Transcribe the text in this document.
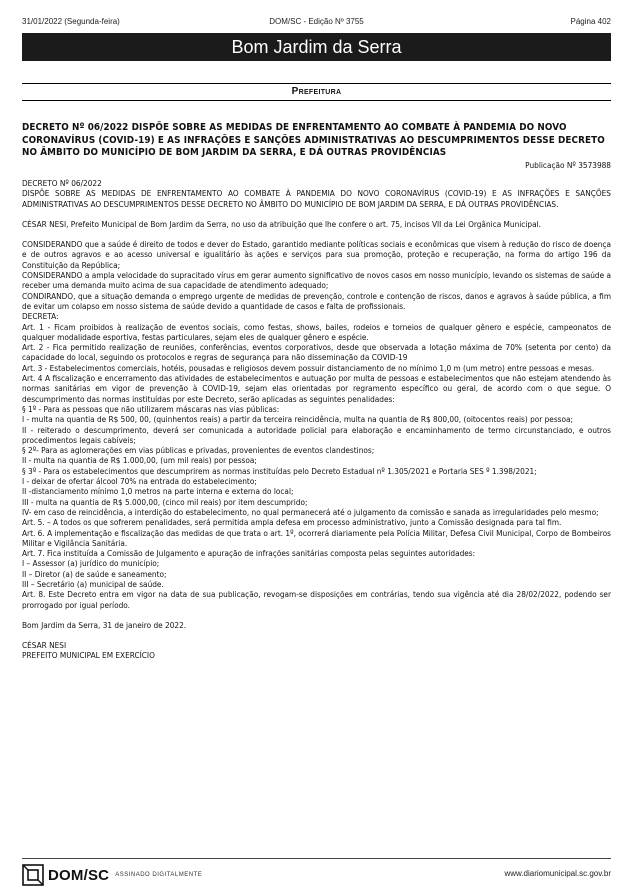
31/01/2022 (Segunda-feira)	DOM/SC - Edição Nº 3755	Página 402
Bom Jardim da Serra
Prefeitura
DECRETO Nº 06/2022 DISPÕE SOBRE AS MEDIDAS DE ENFRENTAMENTO AO COMBATE À PANDEMIA DO NOVO CORONAVÍRUS (COVID-19) E AS INFRAÇÕES E SANÇÕES ADMINISTRATIVAS AO DESCUMPRIMENTOS DESSE DECRETO NO ÂMBITO DO MUNICÍPIO DE BOM JARDIM DA SERRA, E DÁ OUTRAS PROVIDÊNCIAS
Publicação Nº 3573988

DECRETO Nº 06/2022

DISPÕE SOBRE AS MEDIDAS DE ENFRENTAMENTO AO COMBATE À PANDEMIA DO NOVO CORONAVÍRUS (COVID-19) E AS INFRAÇÕES E SANÇÕES ADMINISTRATIVAS AO DESCUMPRIMENTOS DESSE DECRETO NO ÂMBITO DO MUNICÍPIO DE BOM JARDIM DA SERRA, E DÁ OUTRAS PROVIDÊNCIAS.

CÉSAR NESI, Prefeito Municipal de Bom Jardim da Serra, no uso da atribuição que lhe confere o art. 75, incisos VII da Lei Orgânica Municipal.

CONSIDERANDO que a saúde é direito de todos e dever do Estado, garantido mediante políticas sociais e econômicas que visem à redução do risco de doença e de outros agravos e ao acesso universal e igualitário às ações e serviços para sua promoção, proteção e recuperação, na forma do artigo 196 da Constituição da República;

CONSIDERANDO a ampla velocidade do supracitado vírus em gerar aumento significativo de novos casos em nosso município, levando os sistemas de saúde a receber uma demanda muito acima de sua capacidade de atendimento adequado;

CONDIRANDO, que a situação demanda o emprego urgente de medidas de prevenção, controle e contenção de riscos, danos e agravos à saúde pública, a fim de evitar um colapso em nosso sistema de saúde devido a quantidade de casos e falta de profissionais.

DECRETA:

Art. 1 - Ficam proibidos à realização de eventos sociais, como festas, shows, bailes, rodeios e torneios de qualquer gênero e espécie, campeonatos de qualquer modalidade esportiva, festas particulares, sejam eles de qualquer gênero e espécie.

Art. 2 - Fica permitido realização de reuniões, conferências, eventos corporativos, desde que observada a lotação máxima de 70% (setenta por cento) da capacidade do local, seguindo os protocolos e regras de segurança para não disseminação da COVID-19

Art. 3 - Estabelecimentos comerciais, hotéis, pousadas e religiosos devem possuir distanciamento de no mínimo 1,0 m (um metro) entre pessoas e mesas.

Art. 4 A fiscalização e encerramento das atividades de estabelecimentos e autuação por multa de pessoas e estabelecimentos que não estejam atendendo às normas sanitárias em vigor de prevenção à COVID-19, sejam elas orientadas por regramento específico ou geral, de acordo com o que segue. O descumprimento das normas instituídas por este Decreto, serão aplicadas as seguintes penalidades:

§ 1º - Para as pessoas que não utilizarem máscaras nas vias públicas:

I - multa na quantia de R$ 500, 00, (quinhentos reais) a partir da terceira reincidência, multa na quantia de R$ 800,00, (oitocentos reais) por pessoa;

II - reiterado o descumprimento, deverá ser comunicada a autoridade policial para elaboração e encaminhamento de termo circunstanciado, e outros procedimentos legais cabíveis;

§ 2º- Para as aglomerações em vias públicas e privadas, provenientes de eventos clandestinos;

II - multa na quantia de R$ 1.000,00, (um mil reais) por pessoa;

§ 3º - Para os estabelecimentos que descumprirem as normas instituídas pelo Decreto Estadual nº 1.305/2021 e Portaria SES º 1.398/2021;

I - deixar de ofertar álcool 70% na entrada do estabelecimento;

II -distanciamento mínimo 1,0 metros na parte interna e externa do local;

III - multa na quantia de R$ 5.000,00, (cinco mil reais) por item descumprido;

IV- em caso de reincidência, a interdição do estabelecimento, no qual permanecerá até o julgamento da comissão e sanada as irregularidades pelo mesmo;

Art. 5. – A todos os que sofrerem penalidades, será permitida ampla defesa em processo administrativo, junto a Comissão designada para tal fim.

Art. 6. A implementação e fiscalização das medidas de que trata o art. 1º, ocorrerá diariamente pela Polícia Militar, Defesa Civil Municipal, Corpo de Bombeiros Militar e Vigilância Sanitária.

Art. 7. Fica instituída a Comissão de Julgamento e apuração de infrações sanitárias composta pelas seguintes autoridades:

I – Assessor (a) jurídico do município;

II – Diretor (a) de saúde e saneamento;

III – Secretário (a) municipal de saúde.

Art. 8. Este Decreto entra em vigor na data de sua publicação, revogam-se disposições em contrárias, tendo sua vigência até dia 28/02/2022, podendo ser prorrogado por igual período.

Bom Jardim da Serra, 31 de janeiro de 2022.

CÉSAR NESI

PREFEITO MUNICIPAL EM EXERCÍCIO

DOM/SC ASSINADO DIGITALMENTE	www.diariomunicipal.sc.gov.br
